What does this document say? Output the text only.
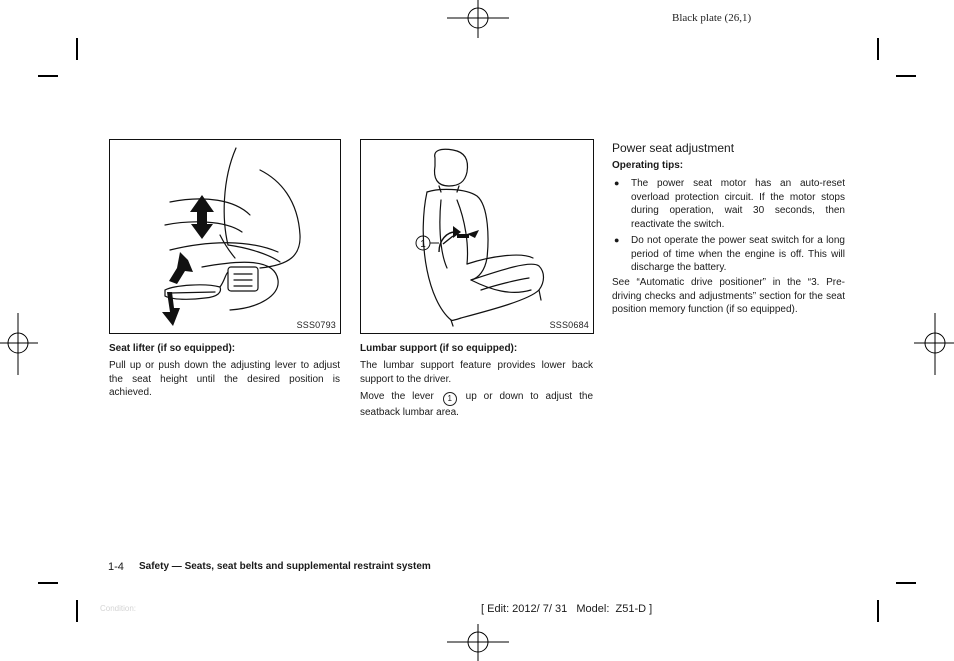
Black plate (26,1)
SSS0793
1
SSS0684
Seat lifter (if so equipped):
Pull up or push down the adjusting lever to adjust the seat height until the desired position is achieved.
Lumbar support (if so equipped):
The lumbar support feature provides lower back support to the driver.
Move the lever 1 up or down to adjust the seatback lumbar area.
Power seat adjustment
Operating tips:
● The power seat motor has an auto-reset overload protection circuit. If the motor stops during operation, wait 30 seconds, then reactivate the switch.
● Do not operate the power seat switch for a long period of time when the engine is off. This will discharge the battery.
See “Automatic drive positioner” in the “3. Pre-driving checks and adjustments” section for the seat position memory function (if so equipped).
1-4 Safety — Seats, seat belts and supplemental restraint system
Condition:	[ Edit: 2012/ 7/ 31   Model:  Z51-D ]
